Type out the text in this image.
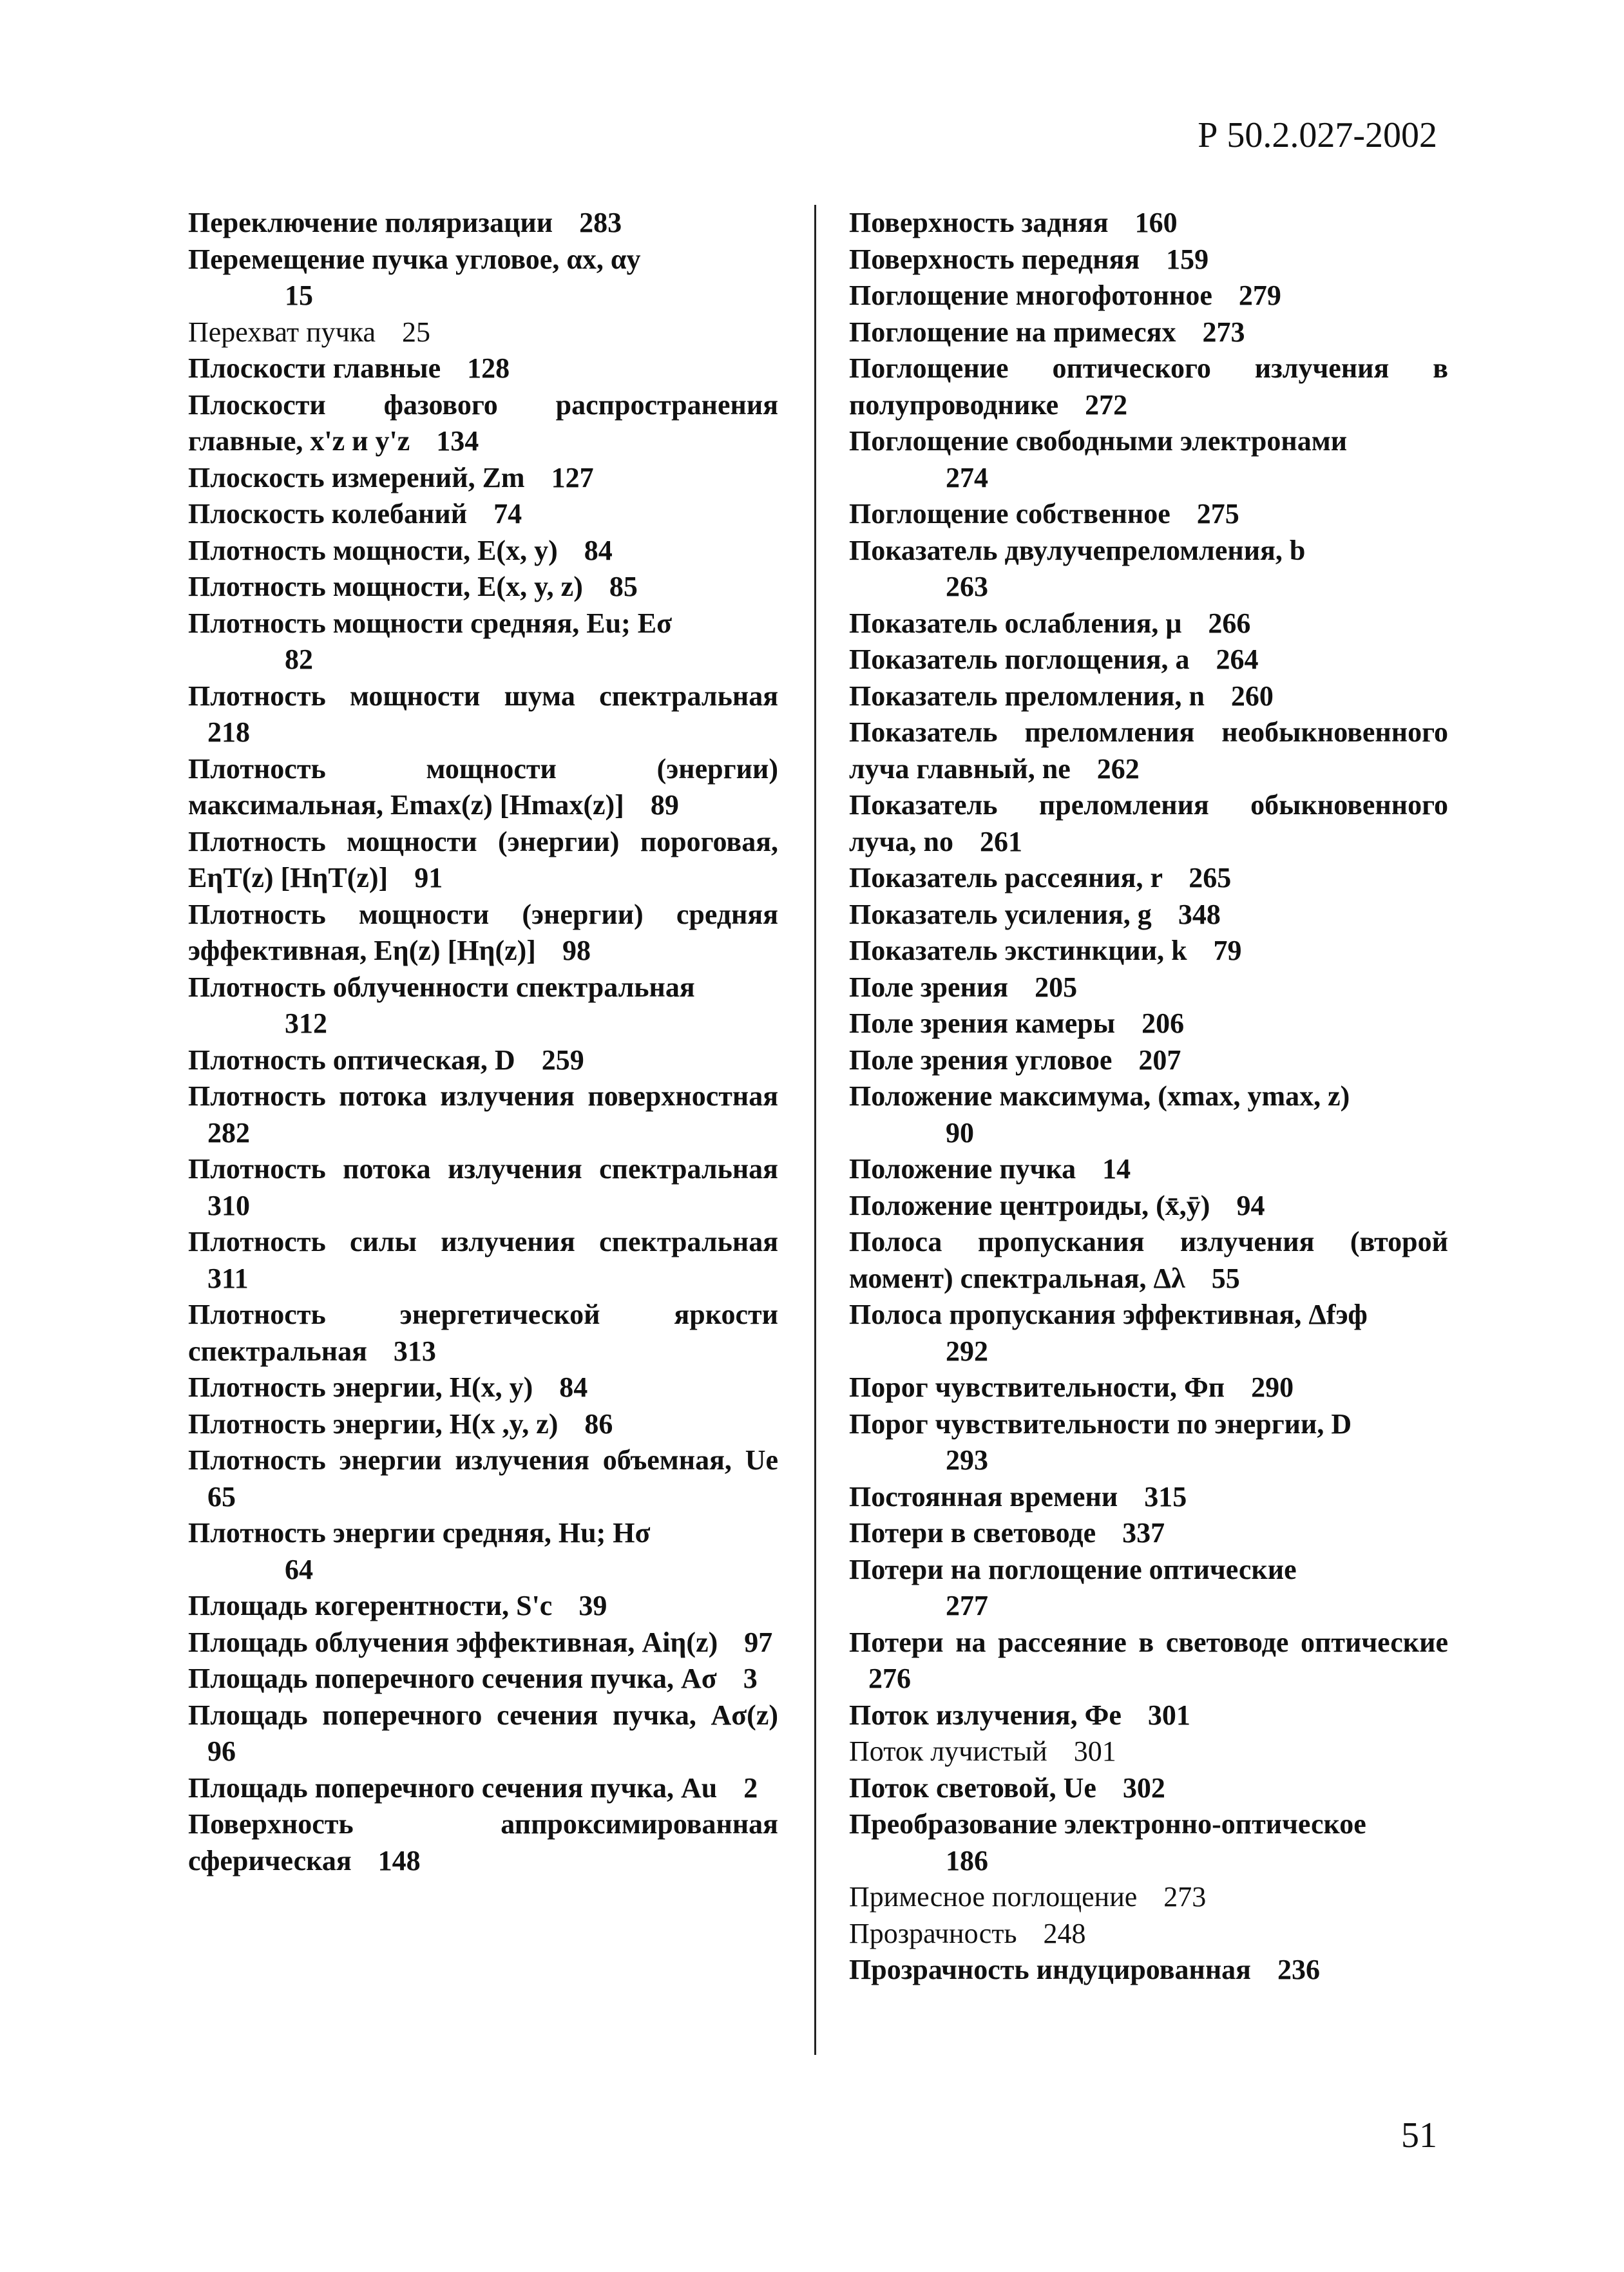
Р 50.2.027-2002
Переключение поляризации 283
Перемещение пучка угловое, αx, αy
15
Перехват пучка 25
Плоскости главные 128
Плоскости фазового распространения главные, x'z и y'z 134
Плоскость измерений, Zm 127
Плоскость колебаний 74
Плотность мощности, E(x, y) 84
Плотность мощности, E(x, y, z) 85
Плотность мощности средняя, Eu; Eσ
82
Плотность мощности шума спектральная 218
Плотность мощности (энергии) максимальная, Emax(z) [Hmax(z)] 89
Плотность мощности (энергии) пороговая, EηT(z) [HηT(z)] 91
Плотность мощности (энергии) средняя эффективная, Eη(z) [Hη(z)] 98
Плотность облученности спектральная
312
Плотность оптическая, D 259
Плотность потока излучения поверхностная 282
Плотность потока излучения спектральная 310
Плотность силы излучения спектральная 311
Плотность энергетической яркости спектральная 313
Плотность энергии, H(x, y) 84
Плотность энергии, H(x ,y, z) 86
Плотность энергии излучения объемная, Ue 65
Плотность энергии средняя, Hu; Hσ
64
Площадь когерентности, S'c 39
Площадь облучения эффективная, Aiη(z) 97
Площадь поперечного сечения пучка, Aσ 3
Площадь поперечного сечения пучка, Aσ(z) 96
Площадь поперечного сечения пучка, Au 2
Поверхность аппроксимированная сферическая 148
Поверхность задняя 160
Поверхность передняя 159
Поглощение многофотонное 279
Поглощение на примесях 273
Поглощение оптического излучения в полупроводнике 272
Поглощение свободными электронами
274
Поглощение собственное 275
Показатель двулучепреломления, b
263
Показатель ослабления, μ 266
Показатель поглощения, a 264
Показатель преломления, n 260
Показатель преломления необыкновенного луча главный, ne 262
Показатель преломления обыкновенного луча, no 261
Показатель рассеяния, r 265
Показатель усиления, g 348
Показатель экстинкции, k 79
Поле зрения 205
Поле зрения камеры 206
Поле зрения угловое 207
Положение максимума, (xmax, ymax, z)
90
Положение пучка 14
Положение центроиды, (x̄,ȳ) 94
Полоса пропускания излучения (второй момент) спектральная, Δλ 55
Полоса пропускания эффективная, Δfэф
292
Порог чувствительности, Фп 290
Порог чувствительности по энергии, D
293
Постоянная времени 315
Потери в световоде 337
Потери на поглощение оптические
277
Потери на рассеяние в световоде оптические 276
Поток излучения, Фe 301
Поток лучистый 301
Поток световой, Ue 302
Преобразование электронно-оптическое
186
Примесное поглощение 273
Прозрачность 248
Прозрачность индуцированная 236
51
